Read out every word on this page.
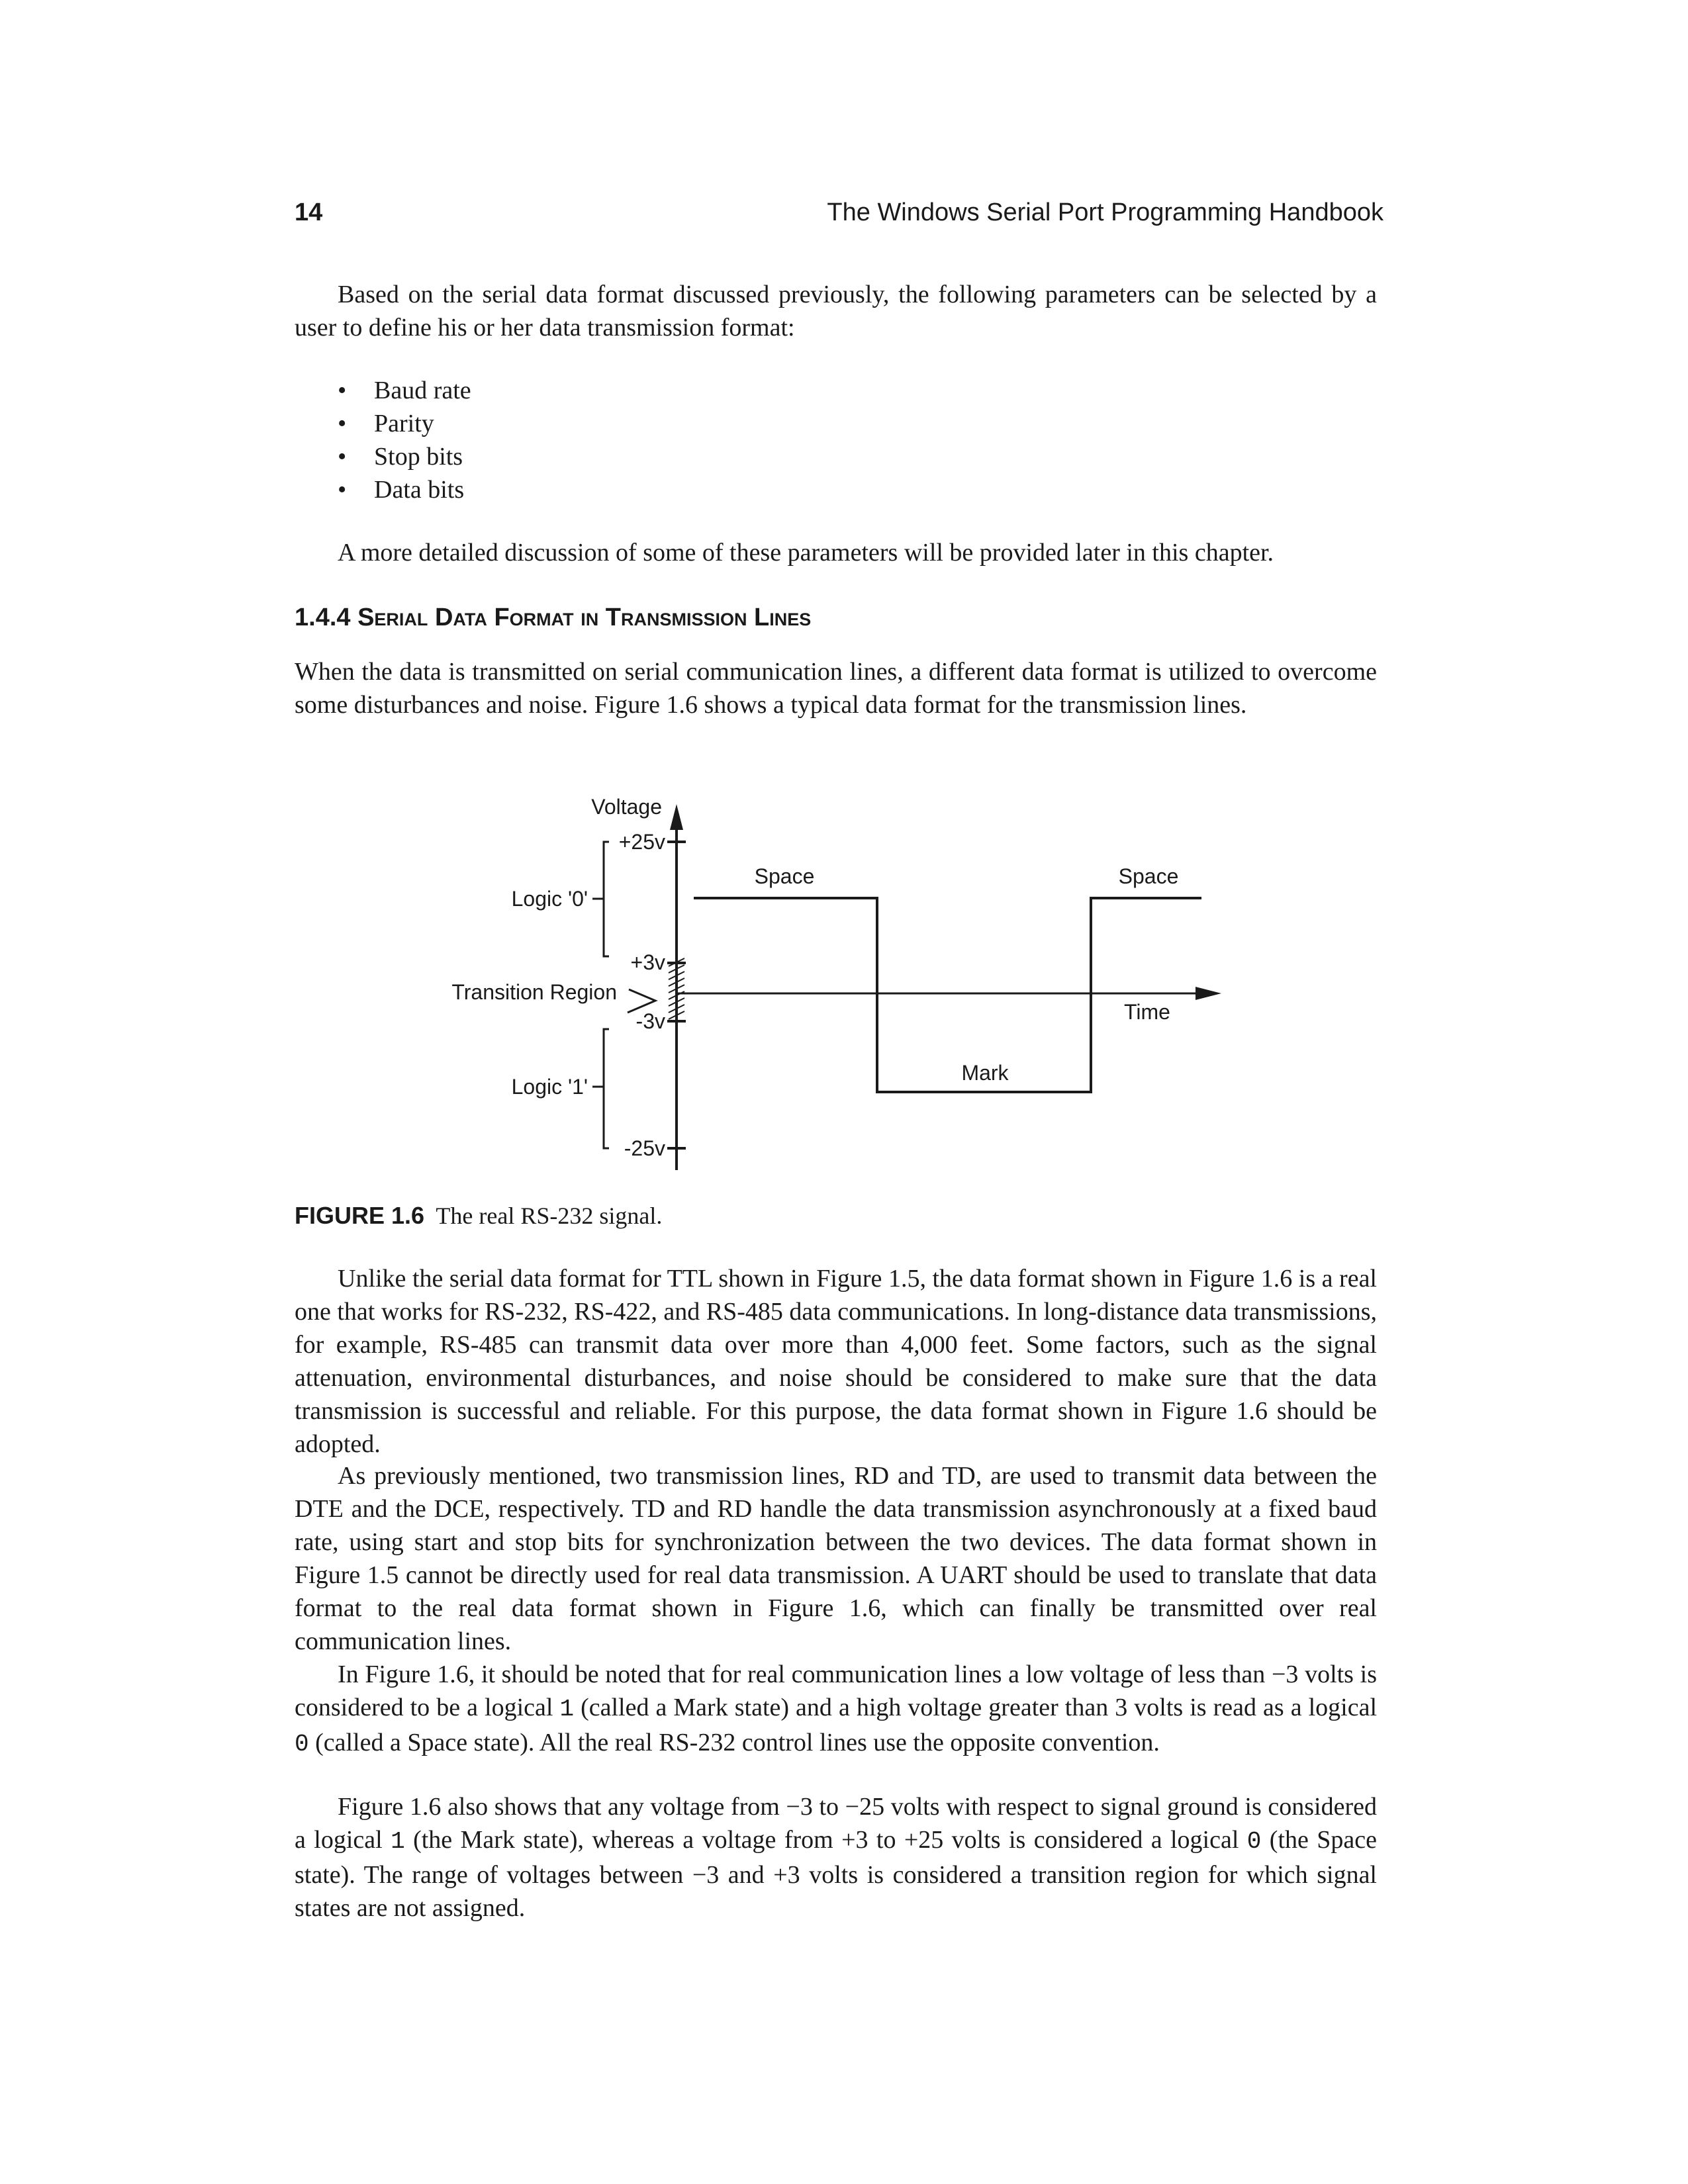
14	The Windows Serial Port Programming Handbook

Based on the serial data format discussed previously, the following parameters can be selected by a user to define his or her data transmission format:

• Baud rate
• Parity
• Stop bits
• Data bits

A more detailed discussion of some of these parameters will be provided later in this chapter.

1.4.4 Serial Data Format in Transmission Lines

When the data is transmitted on serial communication lines, a different data format is utilized to overcome some disturbances and noise. Figure 1.6 shows a typical data format for the transmission lines.

Voltage
+25v
+3v
-3v
-25v
Logic '0'
Logic '1'
Transition Region
Space	Space
Mark
Time
FIGURE 1.6 The real RS-232 signal.

Unlike the serial data format for TTL shown in Figure 1.5, the data format shown in Figure 1.6 is a real one that works for RS-232, RS-422, and RS-485 data communications. In long-distance data transmissions, for example, RS-485 can transmit data over more than 4,000 feet. Some factors, such as the signal attenuation, environmental disturbances, and noise should be considered to make sure that the data transmission is successful and reliable. For this purpose, the data format shown in Figure 1.6 should be adopted.

As previously mentioned, two transmission lines, RD and TD, are used to transmit data between the DTE and the DCE, respectively. TD and RD handle the data transmission asynchronously at a fixed baud rate, using start and stop bits for synchronization between the two devices. The data format shown in Figure 1.5 cannot be directly used for real data transmission. A UART should be used to translate that data format to the real data format shown in Figure 1.6, which can finally be transmitted over real communication lines.

In Figure 1.6, it should be noted that for real communication lines a low voltage of less than −3 volts is considered to be a logical 1 (called a Mark state) and a high voltage greater than 3 volts is read as a logical 0 (called a Space state). All the real RS-232 control lines use the opposite convention.

Figure 1.6 also shows that any voltage from −3 to −25 volts with respect to signal ground is considered a logical 1 (the Mark state), whereas a voltage from +3 to +25 volts is considered a logical 0 (the Space state). The range of voltages between −3 and +3 volts is considered a transition region for which signal states are not assigned.
